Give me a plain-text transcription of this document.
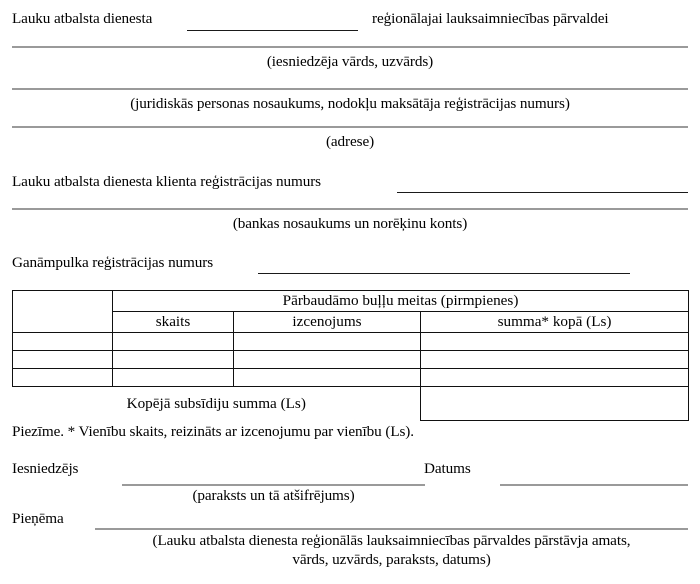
Lauku atbalsta dienesta	reģionālajai lauksaimniecības pārvaldei
(iesniedzēja vārds, uzvārds)
(juridiskās personas nosaukums, nodokļu maksātāja reģistrācijas numurs)
(adrese)
Lauku atbalsta dienesta klienta reģistrācijas numurs
(bankas nosaukums un norēķinu konts)
Ganāmpulka reģistrācijas numurs
	Pārbaudāmo buļļu meitas (pirmpienes)		
	skaits	izcenojums	summa* kopā (Ls)

Kopējā subsīdiju summa (Ls)			
Piezīme. * Vienību skaits, reizināts ar izcenojumu par vienību (Ls).
Iesniedzējs	Datums
(paraksts un tā atšifrējums)
Pieņēma
(Lauku atbalsta dienesta reģionālās lauksaimniecības pārvaldes pārstāvja amats,
vārds, uzvārds, paraksts, datums)
